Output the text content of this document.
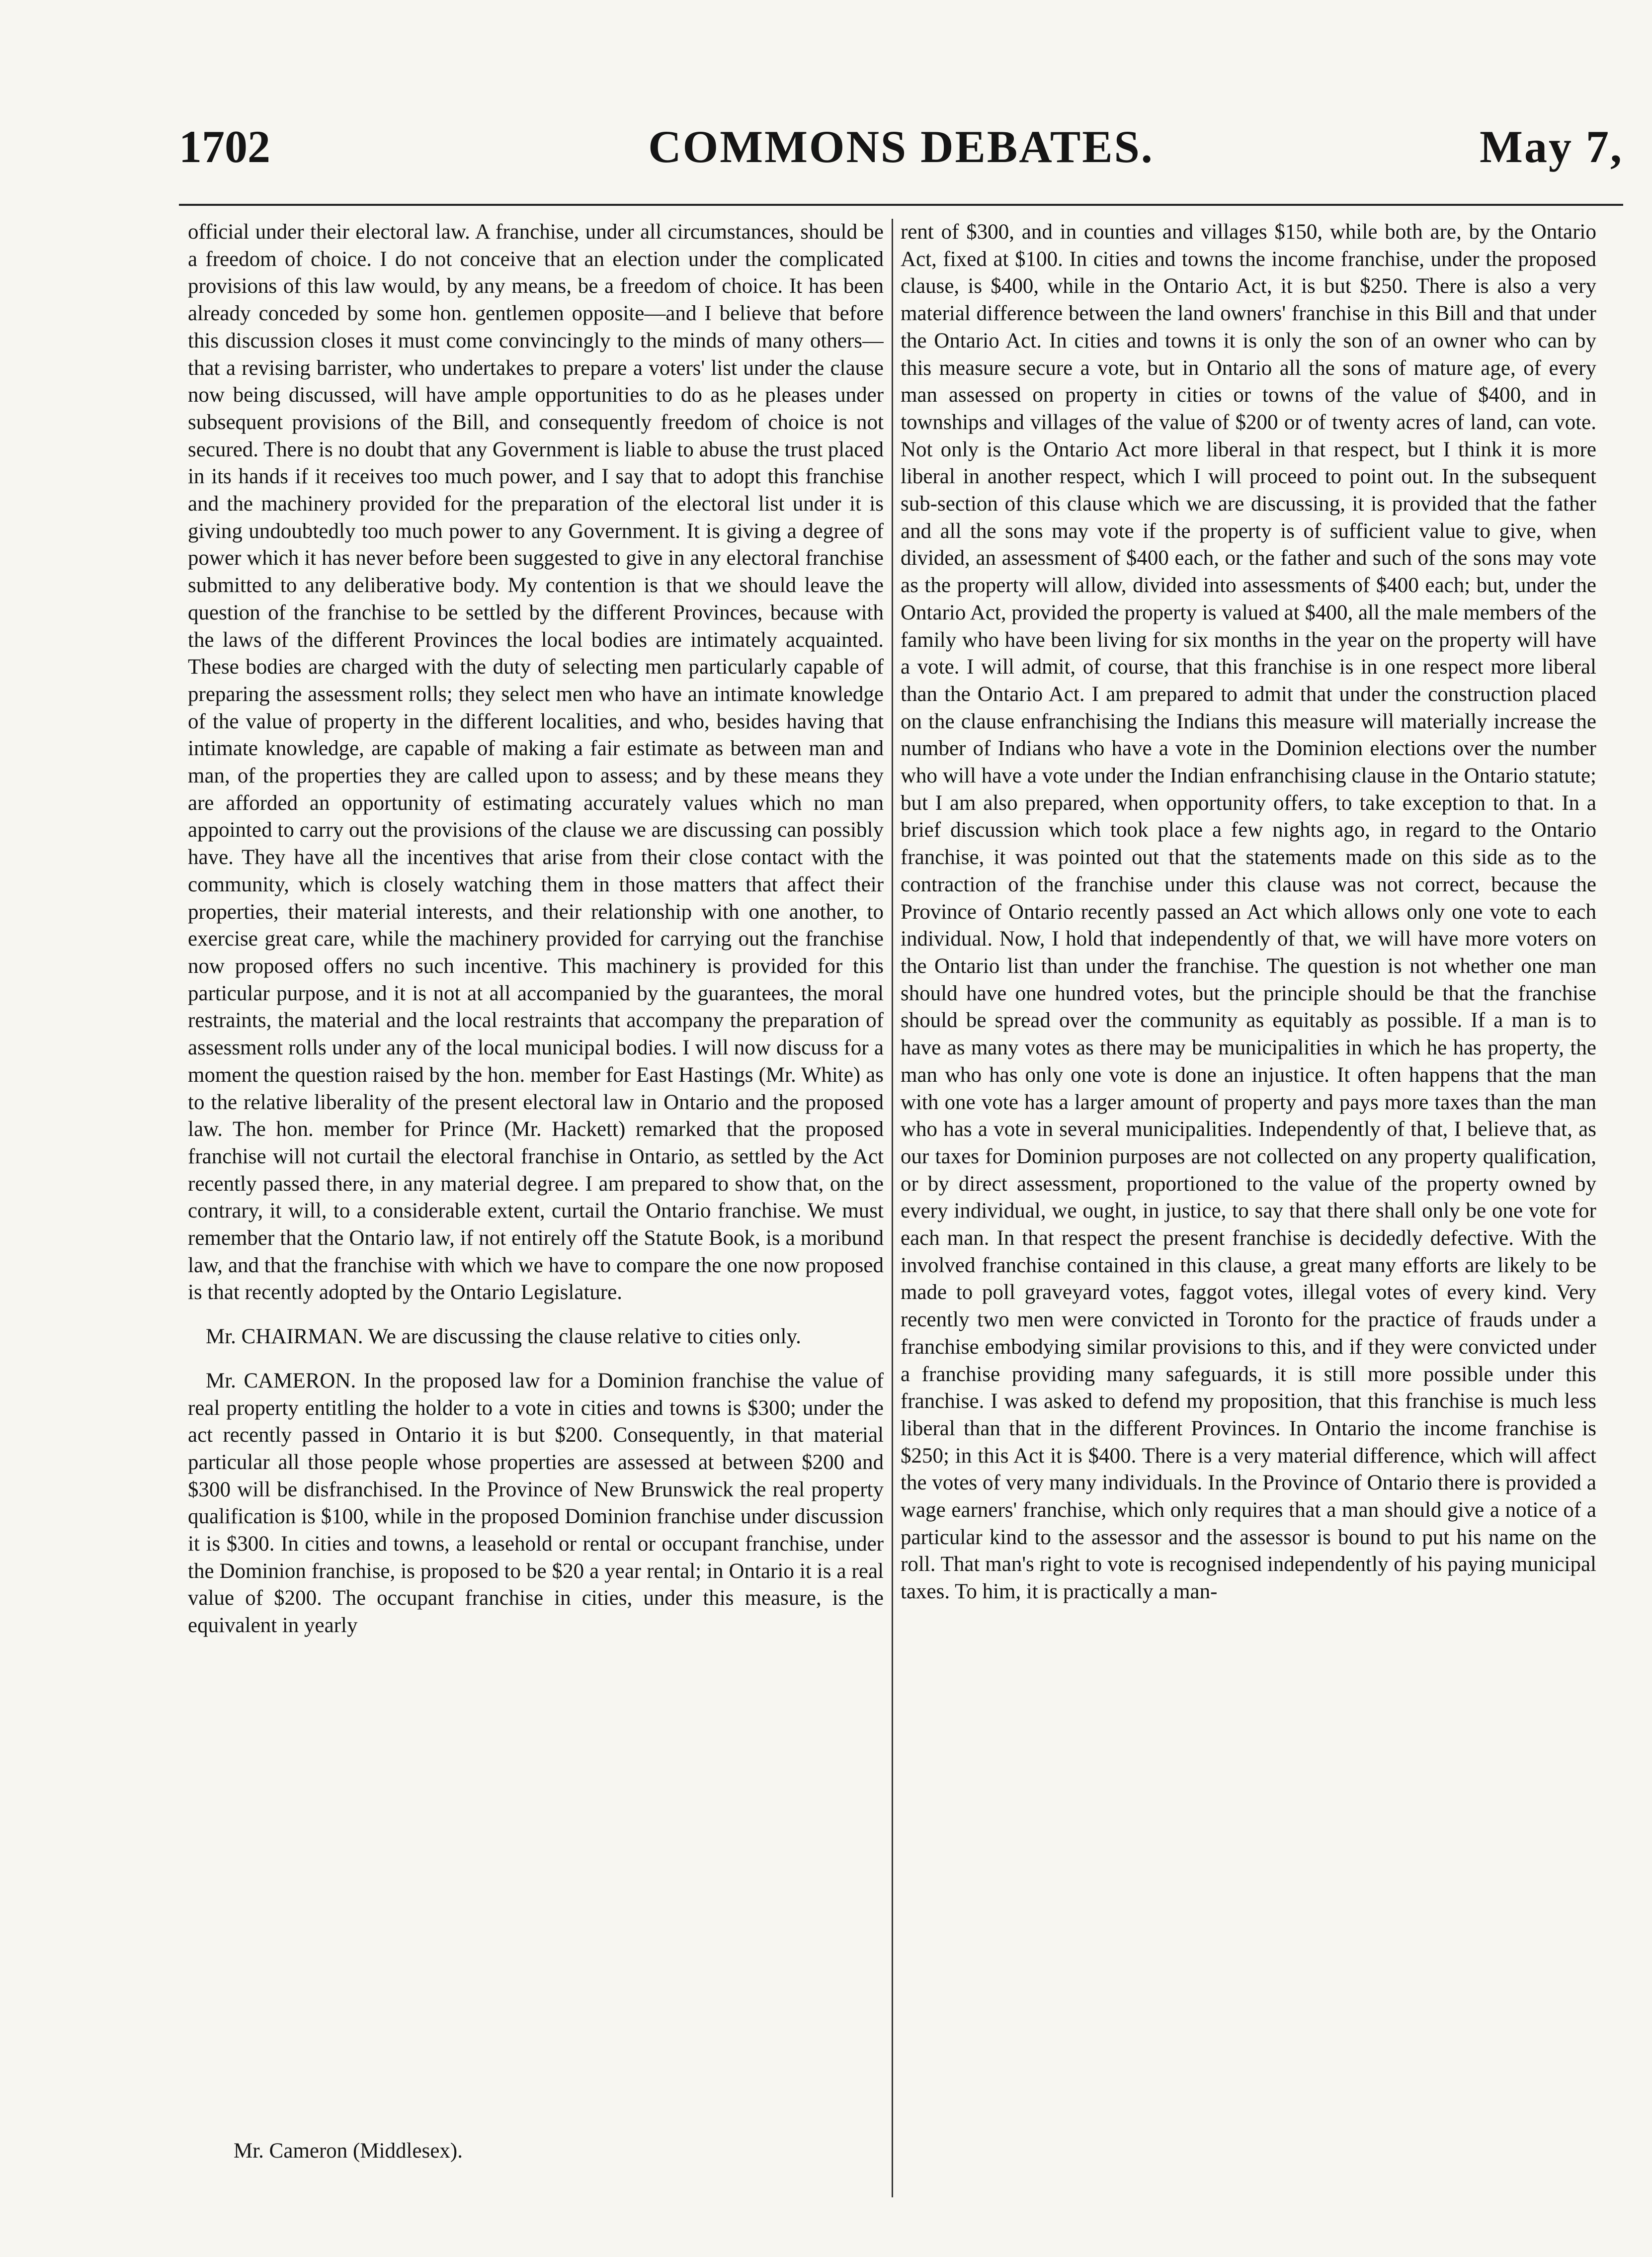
1702	COMMONS DEBATES.	May 7,

official under their electoral law. A franchise, under all circumstances, should be a freedom of choice. I do not conceive that an election under the complicated provisions of this law would, by any means, be a freedom of choice. It has been already conceded by some hon. gentlemen opposite—and I believe that before this discussion closes it must come convincingly to the minds of many others—that a revising barrister, who undertakes to prepare a voters' list under the clause now being discussed, will have ample opportunities to do as he pleases under subsequent provisions of the Bill, and consequently freedom of choice is not secured. There is no doubt that any Government is liable to abuse the trust placed in its hands if it receives too much power, and I say that to adopt this franchise and the machinery provided for the preparation of the electoral list under it is giving undoubtedly too much power to any Government. It is giving a degree of power which it has never before been suggested to give in any electoral franchise submitted to any deliberative body. My contention is that we should leave the question of the franchise to be settled by the different Provinces, because with the laws of the different Provinces the local bodies are intimately acquainted. These bodies are charged with the duty of selecting men particularly capable of preparing the assessment rolls; they select men who have an intimate knowledge of the value of property in the different localities, and who, besides having that intimate knowledge, are capable of making a fair estimate as between man and man, of the properties they are called upon to assess; and by these means they are afforded an opportunity of estimating accurately values which no man appointed to carry out the provisions of the clause we are discussing can possibly have. They have all the incentives that arise from their close contact with the community, which is closely watching them in those matters that affect their properties, their material interests, and their relationship with one another, to exercise great care, while the machinery provided for carrying out the franchise now proposed offers no such incentive. This machinery is provided for this particular purpose, and it is not at all accompanied by the guarantees, the moral restraints, the material and the local restraints that accompany the preparation of assessment rolls under any of the local municipal bodies. I will now discuss for a moment the question raised by the hon. member for East Hastings (Mr. White) as to the relative liberality of the present electoral law in Ontario and the proposed law. The hon. member for Prince (Mr. Hackett) remarked that the proposed franchise will not curtail the electoral franchise in Ontario, as settled by the Act recently passed there, in any material degree. I am prepared to show that, on the contrary, it will, to a considerable extent, curtail the Ontario franchise. We must remember that the Ontario law, if not entirely off the Statute Book, is a moribund law, and that the franchise with which we have to compare the one now proposed is that recently adopted by the Ontario Legislature.

Mr. CHAIRMAN. We are discussing the clause relative to cities only.

Mr. CAMERON. In the proposed law for a Dominion franchise the value of real property entitling the holder to a vote in cities and towns is $300; under the act recently passed in Ontario it is but $200. Consequently, in that material particular all those people whose properties are assessed at between $200 and $300 will be disfranchised. In the Province of New Brunswick the real property qualification is $100, while in the proposed Dominion franchise under discussion it is $300. In cities and towns, a leasehold or rental or occupant franchise, under the Dominion franchise, is proposed to be $20 a year rental; in Ontario it is a real value of $200. The occupant franchise in cities, under this measure, is the equivalent in yearly

rent of $300, and in counties and villages $150, while both are, by the Ontario Act, fixed at $100. In cities and towns the income franchise, under the proposed clause, is $400, while in the Ontario Act, it is but $250. There is also a very material difference between the land owners' franchise in this Bill and that under the Ontario Act. In cities and towns it is only the son of an owner who can by this measure secure a vote, but in Ontario all the sons of mature age, of every man assessed on property in cities or towns of the value of $400, and in townships and villages of the value of $200 or of twenty acres of land, can vote. Not only is the Ontario Act more liberal in that respect, but I think it is more liberal in another respect, which I will proceed to point out. In the subsequent sub-section of this clause which we are discussing, it is provided that the father and all the sons may vote if the property is of sufficient value to give, when divided, an assessment of $400 each, or the father and such of the sons may vote as the property will allow, divided into assessments of $400 each; but, under the Ontario Act, provided the property is valued at $400, all the male members of the family who have been living for six months in the year on the property will have a vote. I will admit, of course, that this franchise is in one respect more liberal than the Ontario Act. I am prepared to admit that under the construction placed on the clause enfranchising the Indians this measure will materially increase the number of Indians who have a vote in the Dominion elections over the number who will have a vote under the Indian enfranchising clause in the Ontario statute; but I am also prepared, when opportunity offers, to take exception to that. In a brief discussion which took place a few nights ago, in regard to the Ontario franchise, it was pointed out that the statements made on this side as to the contraction of the franchise under this clause was not correct, because the Province of Ontario recently passed an Act which allows only one vote to each individual. Now, I hold that independently of that, we will have more voters on the Ontario list than under the franchise. The question is not whether one man should have one hundred votes, but the principle should be that the franchise should be spread over the community as equitably as possible. If a man is to have as many votes as there may be municipalities in which he has property, the man who has only one vote is done an injustice. It often happens that the man with one vote has a larger amount of property and pays more taxes than the man who has a vote in several municipalities. Independently of that, I believe that, as our taxes for Dominion purposes are not collected on any property qualification, or by direct assessment, proportioned to the value of the property owned by every individual, we ought, in justice, to say that there shall only be one vote for each man. In that respect the present franchise is decidedly defective. With the involved franchise contained in this clause, a great many efforts are likely to be made to poll graveyard votes, faggot votes, illegal votes of every kind. Very recently two men were convicted in Toronto for the practice of frauds under a franchise embodying similar provisions to this, and if they were convicted under a franchise providing many safeguards, it is still more possible under this franchise. I was asked to defend my proposition, that this franchise is much less liberal than that in the different Provinces. In Ontario the income franchise is $250; in this Act it is $400. There is a very material difference, which will affect the votes of very many individuals. In the Province of Ontario there is provided a wage earners' franchise, which only requires that a man should give a notice of a particular kind to the assessor and the assessor is bound to put his name on the roll. That man's right to vote is recognised independently of his paying municipal taxes. To him, it is practically a man-

Mr. Cameron (Middlesex).
